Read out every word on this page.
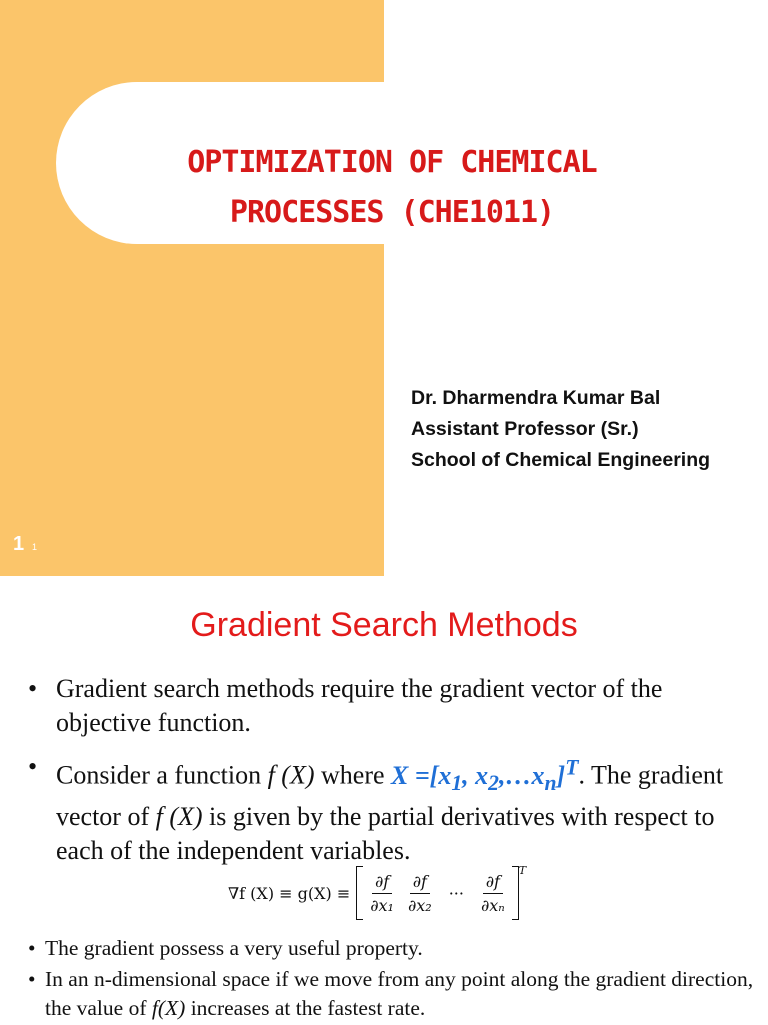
OPTIMIZATION OF CHEMICAL
PROCESSES (CHE1011)
Dr. Dharmendra Kumar Bal
Assistant Professor (Sr.)
School of Chemical Engineering
1 1
Gradient Search Methods
• Gradient search methods require the gradient vector of the objective function.
• Consider a function f (X) where $X =[x_1$, $x_2,\dots x_n]^T$. The gradient vector of f (X) is given by the partial derivatives with respect to each of the independent variables.
∇f $(X) \equiv g(X) \equiv \frac{\partial f}{\text{∂x₁}} \frac{\partial f}{\text{∂x₂}}$ ··· $\frac{\partial f}{\text{∂xₙ}}$
T
• The gradient possess a very useful property.
• In an n-dimensional space if we move from any point along the gradient direction, the value of f(X) increases at the fastest rate.
